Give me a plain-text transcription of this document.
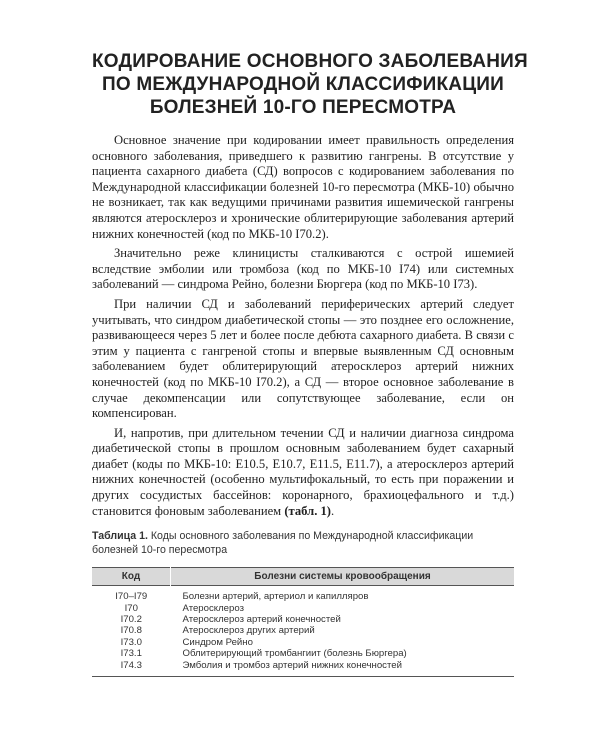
КОДИРОВАНИЕ ОСНОВНОГО ЗАБОЛЕВАНИЯ
ПО МЕЖДУНАРОДНОЙ КЛАССИФИКАЦИИ
БОЛЕЗНЕЙ 10-ГО ПЕРЕСМОТРА

Основное значение при кодировании имеет правильность определения основного заболевания, приведшего к развитию гангрены. В отсутствие у пациента сахарного диабета (СД) вопросов с кодированием заболевания по Международной классификации болезней 10-го пересмотра (МКБ-10) обычно не возникает, так как ведущими причинами развития ишемической гангрены являются атеросклероз и хронические облитерирующие заболевания артерий нижних конечностей (код по МКБ-10 I70.2).

Значительно реже клиницисты сталкиваются с острой ишемией вследствие эмболии или тромбоза (код по МКБ-10 I74) или системных заболеваний — синдрома Рейно, болезни Бюргера (код по МКБ-10 I73).

При наличии СД и заболеваний периферических артерий следует учитывать, что синдром диабетической стопы — это позднее его осложнение, развивающееся через 5 лет и более после дебюта сахарного диабета. В связи с этим у пациента с гангреной стопы и впервые выявленным СД основным заболеванием будет облитерирующий атеросклероз артерий нижних конечностей (код по МКБ-10 I70.2), а СД — второе основное заболевание в случае декомпенсации или сопутствующее заболевание, если он компенсирован.

И, напротив, при длительном течении СД и наличии диагноза синдрома диабетической стопы в прошлом основным заболеванием будет сахарный диабет (коды по МКБ-10: E10.5, E10.7, E11.5, E11.7), а атеросклероз артерий нижних конечностей (особенно мультифокальный, то есть при поражении и других сосудистых бассейнов: коронарного, брахиоцефального и т.д.) становится фоновым заболеванием (табл. 1).

Таблица 1. Коды основного заболевания по Международной классификации болезней 10-го пересмотра
Код	Болезни системы кровообращения
I70–I79	Болезни артерий, артериол и капилляров
I70	Атеросклероз
I70.2	Атеросклероз артерий конечностей
I70.8	Атеросклероз других артерий
I73.0	Синдром Рейно
I73.1	Облитерирующий тромбангиит (болезнь Бюргера)
I74.3	Эмболия и тромбоз артерий нижних конечностей
